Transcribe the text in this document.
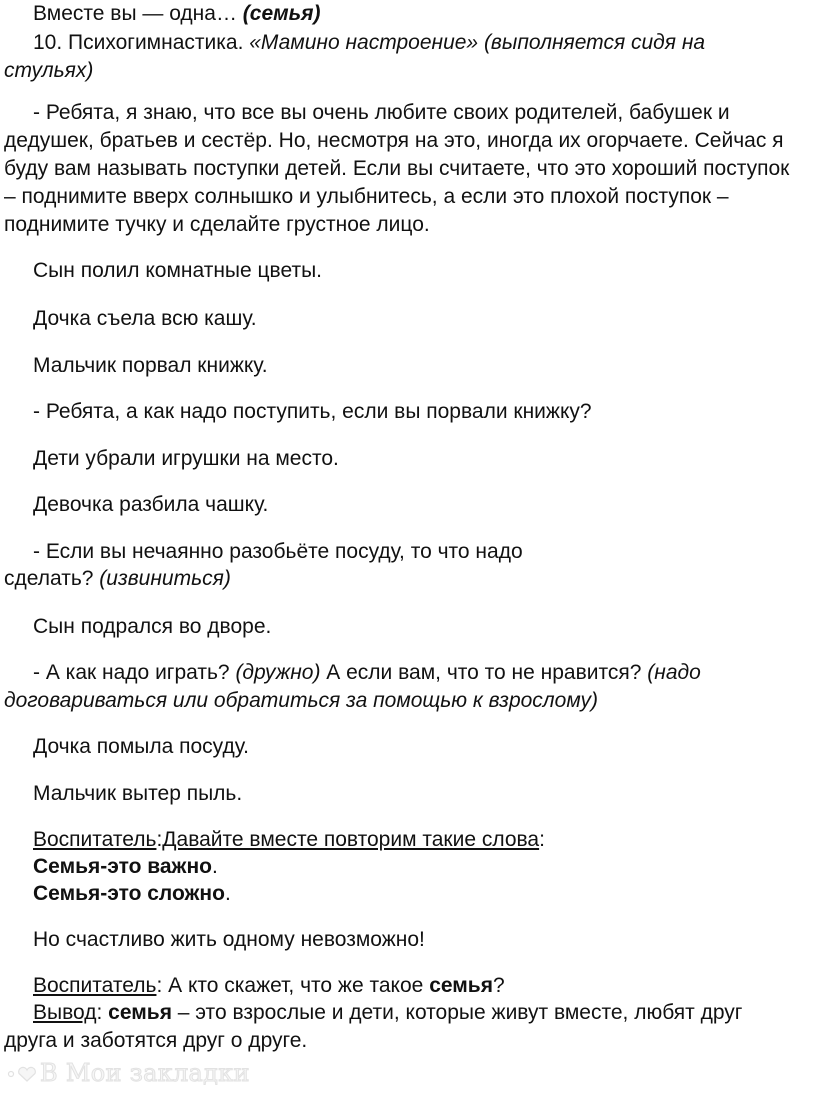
Вместе вы — одна… (семья)

10. Психогимнастика. «Мамино настроение» (выполняется сидя на стульях)

- Ребята, я знаю, что все вы очень любите своих родителей, бабушек и дедушек, братьев и сестёр. Но, несмотря на это, иногда их огорчаете. Сейчас я буду вам называть поступки детей. Если вы считаете, что это хороший поступок – поднимите вверх солнышко и улыбнитесь, а если это плохой поступок – поднимите тучку и сделайте грустное лицо.

Сын полил комнатные цветы.

Дочка съела всю кашу.

Мальчик порвал книжку.

- Ребята, а как надо поступить, если вы порвали книжку?

Дети убрали игрушки на место.

Девочка разбила чашку.

- Если вы нечаянно разобьёте посуду, то что надо

сделать? (извиниться)

Сын подрался во дворе.

- А как надо играть? (дружно) А если вам, что то не нравится? (надо договариваться или обратиться за помощью к взрослому)

Дочка помыла посуду.

Мальчик вытер пыль.

Воспитатель:Давайте вместе повторим такие слова:

Семья-это важно.

Семья-это сложно.

Но счастливо жить одному невозможно!

Воспитатель: А кто скажет, что же такое семья?

Вывод: семья – это взрослые и дети, которые живут вместе, любят друг друга и заботятся друг о друге.

В Мои закладки
